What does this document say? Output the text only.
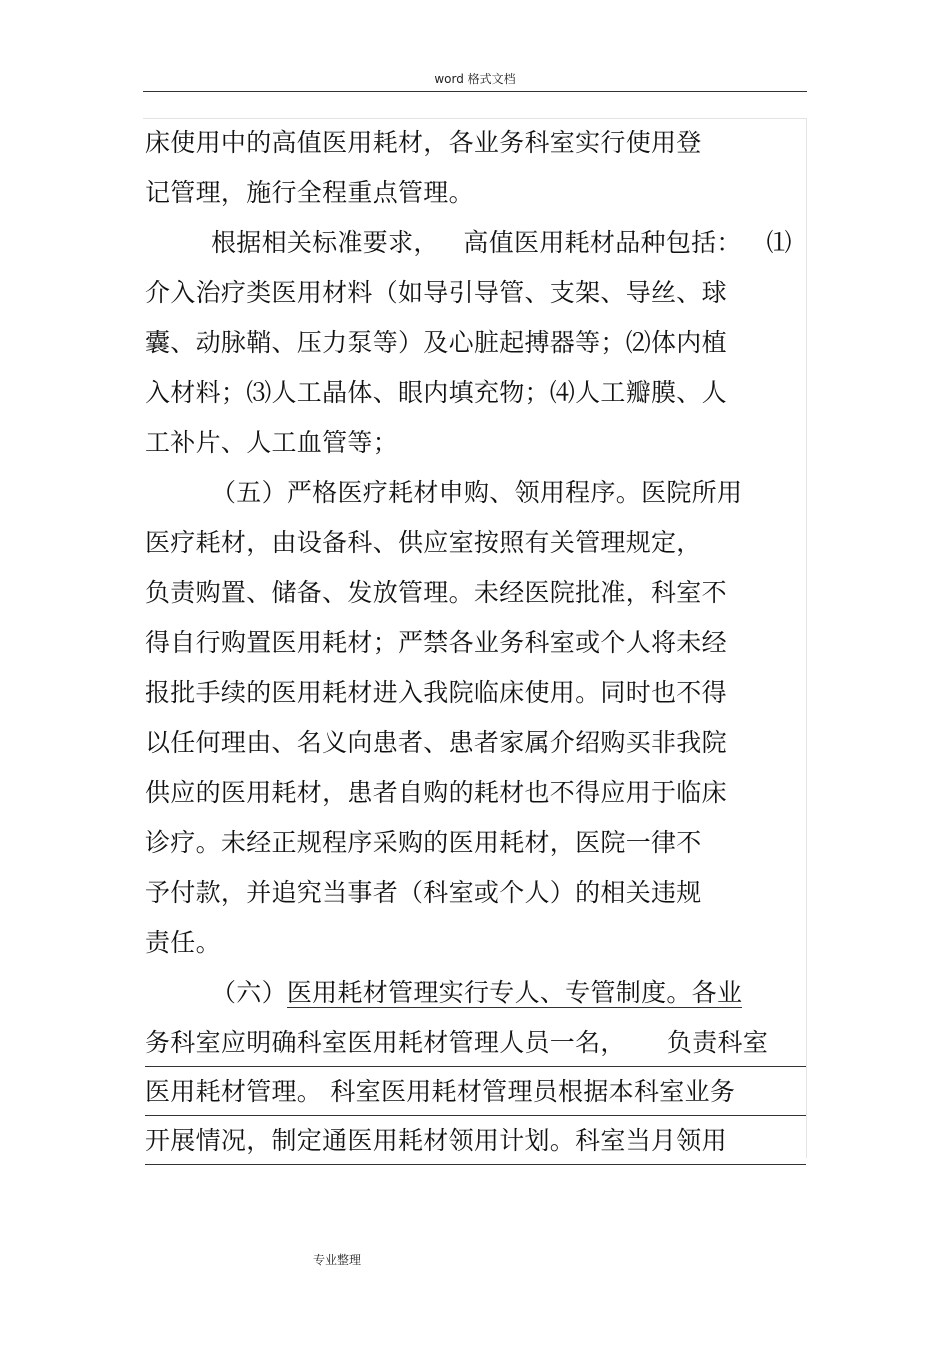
word 格式文档
床使用中的高值医用耗材，各业务科室实行使用登
记管理，施行全程重点管理。
根据相关标准要求，   高值医用耗材品种包括：   ⑴
介入治疗类医用材料（如导引导管、支架、导丝、球
囊、动脉鞘、压力泵等）及心脏起搏器等；⑵体内植
入材料；⑶人工晶体、眼内填充物；⑷人工瓣膜、人
工补片、人工血管等；
（五）严格医疗耗材申购、领用程序。医院所用
医疗耗材，由设备科、供应室按照有关管理规定，
负责购置、储备、发放管理。未经医院批准，科室不
得自行购置医用耗材；严禁各业务科室或个人将未经
报批手续的医用耗材进入我院临床使用。同时也不得
以任何理由、名义向患者、患者家属介绍购买非我院
供应的医用耗材，患者自购的耗材也不得应用于临床
诊疗。未经正规程序采购的医用耗材，医院一律不
予付款，并追究当事者（科室或个人）的相关违规
责任。
（六）医用耗材管理实行专人、专管制度。各业
务科室应明确科室医用耗材管理人员一名，     负责科室
医用耗材管理。 科室医用耗材管理员根据本科室业务
开展情况，制定通医用耗材领用计划。科室当月领用
专业整理
